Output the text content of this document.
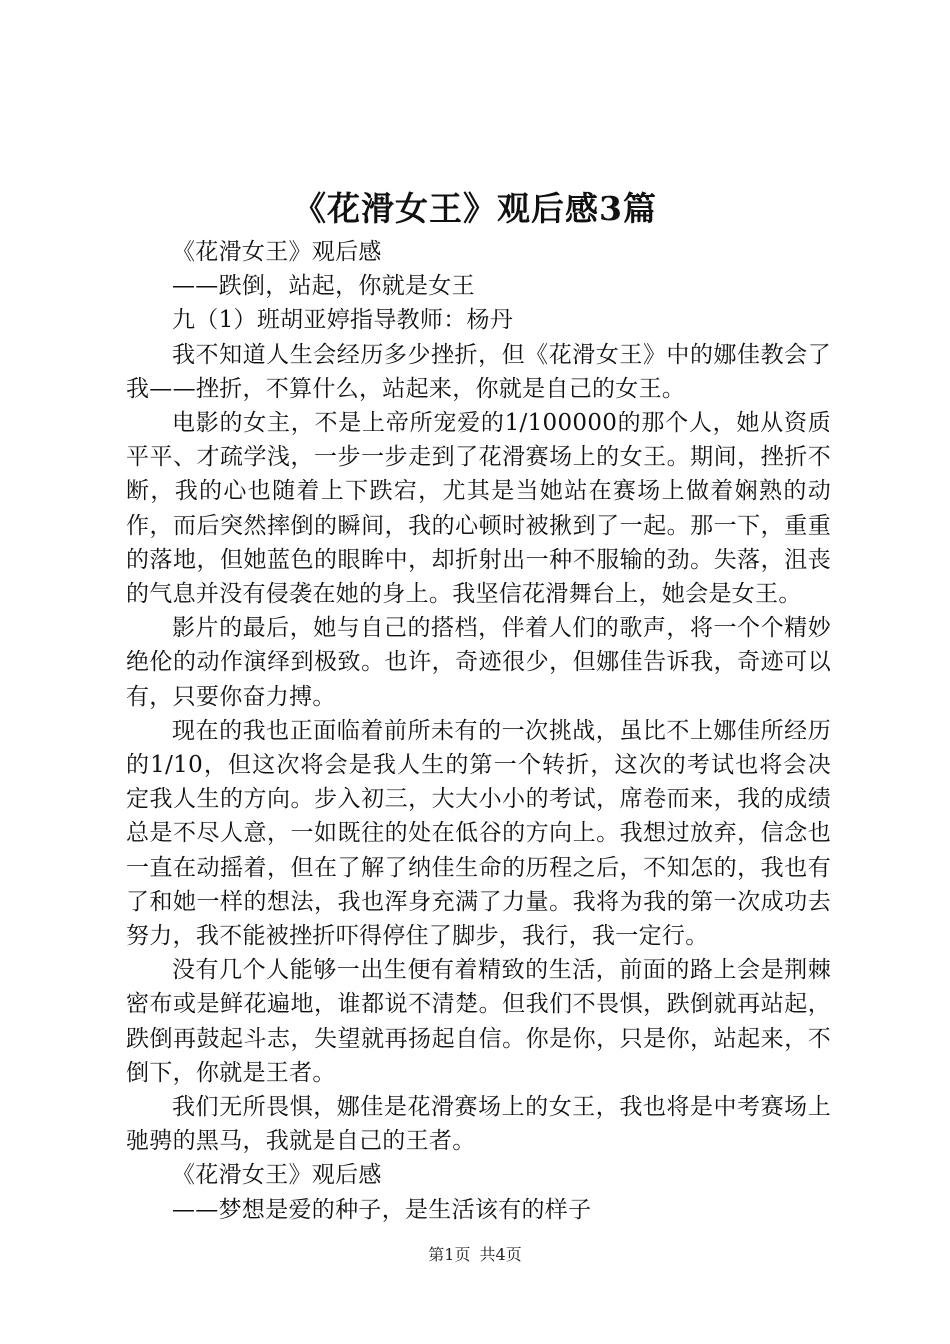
《花滑女王》观后感3篇

《花滑女王》观后感

——跌倒，站起，你就是女王

九（1）班胡亚婷指导教师：杨丹

我不知道人生会经历多少挫折，但《花滑女王》中的娜佳教会了我——挫折，不算什么，站起来，你就是自己的女王。

电影的女主，不是上帝所宠爱的1/100000的那个人，她从资质平平、才疏学浅，一步一步走到了花滑赛场上的女王。期间，挫折不断，我的心也随着上下跌宕，尤其是当她站在赛场上做着娴熟的动作，而后突然摔倒的瞬间，我的心顿时被揪到了一起。那一下，重重的落地，但她蓝色的眼眸中，却折射出一种不服输的劲。失落，沮丧的气息并没有侵袭在她的身上。我坚信花滑舞台上，她会是女王。

影片的最后，她与自己的搭档，伴着人们的歌声，将一个个精妙绝伦的动作演绎到极致。也许，奇迹很少，但娜佳告诉我，奇迹可以有，只要你奋力搏。

现在的我也正面临着前所未有的一次挑战，虽比不上娜佳所经历的1/10，但这次将会是我人生的第一个转折，这次的考试也将会决定我人生的方向。步入初三，大大小小的考试，席卷而来，我的成绩总是不尽人意，一如既往的处在低谷的方向上。我想过放弃，信念也一直在动摇着，但在了解了纳佳生命的历程之后，不知怎的，我也有了和她一样的想法，我也浑身充满了力量。我将为我的第一次成功去努力，我不能被挫折吓得停住了脚步，我行，我一定行。

没有几个人能够一出生便有着精致的生活，前面的路上会是荆棘密布或是鲜花遍地，谁都说不清楚。但我们不畏惧，跌倒就再站起，跌倒再鼓起斗志，失望就再扬起自信。你是你，只是你，站起来，不倒下，你就是王者。

我们无所畏惧，娜佳是花滑赛场上的女王，我也将是中考赛场上驰骋的黑马，我就是自己的王者。

《花滑女王》观后感

——梦想是爱的种子，是生活该有的样子

第1页 共4页
